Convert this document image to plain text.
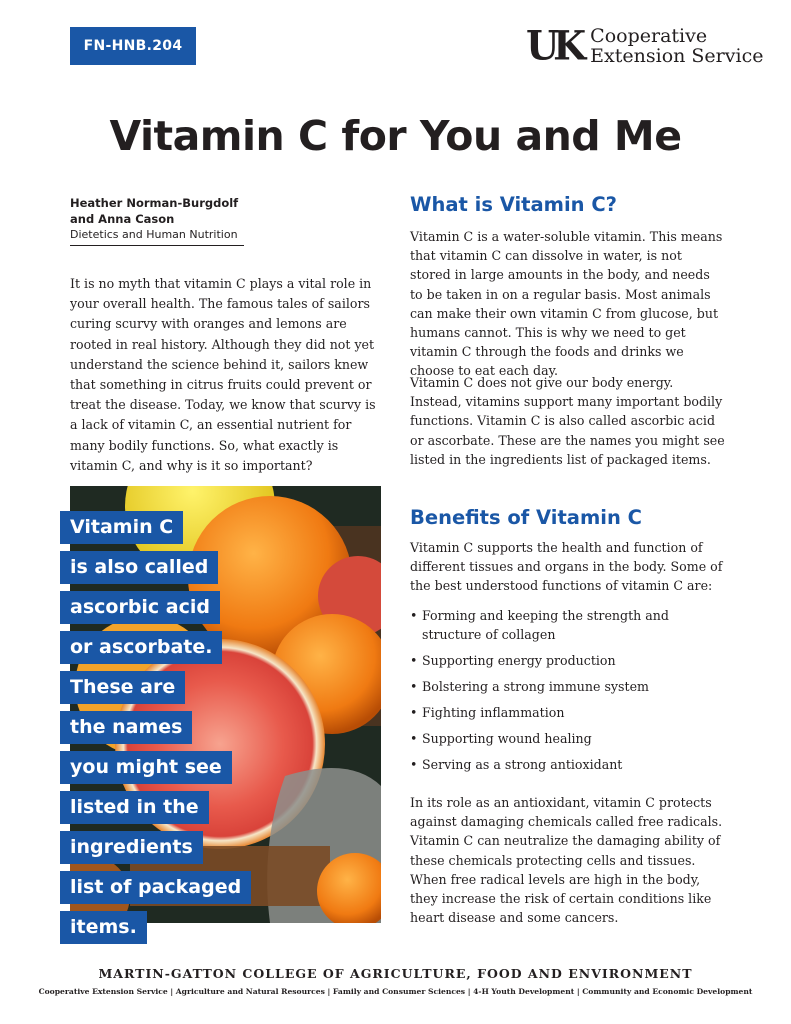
FN-HNB.204	UK Cooperative
Extension Service
Vitamin C for You and Me
Heather Norman-Burgdolf
and Anna Cason
Dietetics and Human Nutrition

It is no myth that vitamin C plays a vital role in your overall health. The famous tales of sailors curing scurvy with oranges and lemons are rooted in real history. Although they did not yet understand the science behind it, sailors knew that something in citrus fruits could prevent or treat the disease. Today, we know that scurvy is a lack of vitamin C, an essential nutrient for many bodily functions. So, what exactly is vitamin C, and why is it so important?

Vitamin C
is also called
ascorbic acid
or ascorbate.
These are
the names
you might see
listed in the
ingredients
list of packaged
items.
What is Vitamin C?

Vitamin C is a water-soluble vitamin. This means that vitamin C can dissolve in water, is not stored in large amounts in the body, and needs to be taken in on a regular basis. Most animals can make their own vitamin C from glucose, but humans cannot. This is why we need to get vitamin C through the foods and drinks we choose to eat each day.

Vitamin C does not give our body energy. Instead, vitamins support many important bodily functions. Vitamin C is also called ascorbic acid or ascorbate. These are the names you might see listed in the ingredients list of packaged items.

Benefits of Vitamin C

Vitamin C supports the health and function of different tissues and organs in the body. Some of the best understood functions of vitamin C are:

• Forming and keeping the strength and structure of collagen
• Supporting energy production
• Bolstering a strong immune system
• Fighting inflammation
• Supporting wound healing
• Serving as a strong antioxidant

In its role as an antioxidant, vitamin C protects against damaging chemicals called free radicals. Vitamin C can neutralize the damaging ability of these chemicals protecting cells and tissues. When free radical levels are high in the body, they increase the risk of certain conditions like heart disease and some cancers.

MARTIN-GATTON COLLEGE OF AGRICULTURE, FOOD AND ENVIRONMENT
Cooperative Extension Service | Agriculture and Natural Resources | Family and Consumer Sciences | 4-H Youth Development | Community and Economic Development
